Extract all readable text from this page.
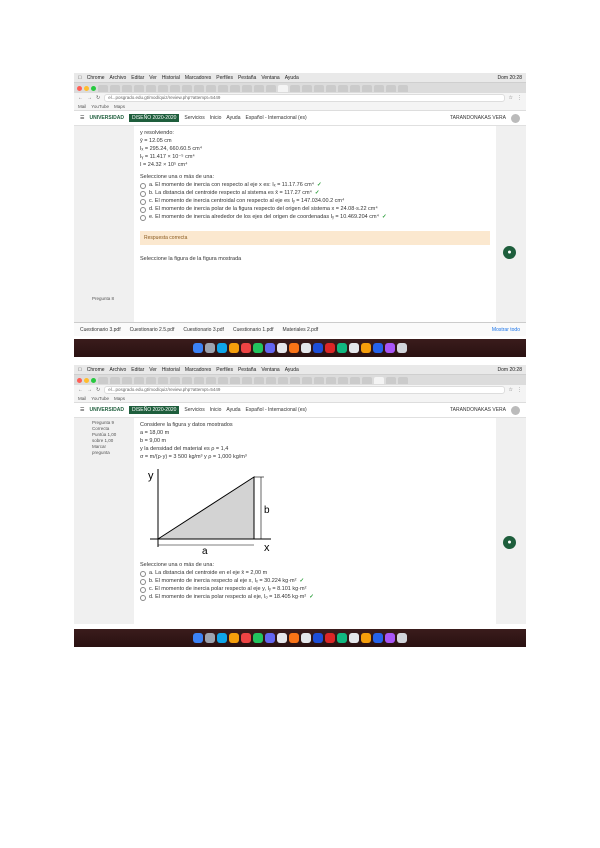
Chrome Archivo Editar Ver Historial Marcadores Perfiles Pestaña Ventana Ayuda	Dom 20:28
← → ↻	el...posgrado.edu.gt/mod/quiz/review.php?attempt=5449	☆ ⋮
Mail YouTube Maps
☰ UNIVERSIDAD	DISEÑO 2020-2020	Servicios Inicio Ayuda Español - Internacional (es)	TARANDONAKAS VERA
y resolviendo:
ȳ = 12.05 cm
Iₓ = 295.24, 660.60.5 cm⁴
Iᵧ = 11.417 × 10⁻⁵ cm⁴
I = 24.32 × 10⁵ cm⁴
Seleccione una o más de una:
a. El momento de inercia con respecto al eje x es: Iₓ = 11.17.76 cm⁴ ✓
b. La distancia del centroide respecto al sistema es x̄ = 117.27 cm⁴ ✓
c. El momento de inercia centroidal con respecto al eje es Iᵧ = 147.034.00.2 cm⁴
d. El momento de inercia polar de la figura respecto del origen del sistema x = 24.08·s.22 cm⁴
e. El momento de inercia alrededor de los ejes del origen de coordenadas Iᵧ = 10.469.204 cm⁴ ✓
Respuesta correcta
Seleccione la figura de la figura mostrada
Pregunta 8
●
Cuestionario 3.pdf Cuestionario 2.5.pdf Cuestionario 3.pdf Cuestionario 1.pdf Materiales 2.pdf	Mostrar todo
Chrome Archivo Editar Ver Historial Marcadores Perfiles Pestaña Ventana Ayuda	Dom 20:28
← → ↻	el...posgrado.edu.gt/mod/quiz/review.php?attempt=5449	☆ ⋮
Mail YouTube Maps
☰ UNIVERSIDAD	DISEÑO 2020-2020	Servicios Inicio Ayuda Español - Internacional (es)	TARANDONAKAS VERA
Pregunta 9
Correcta
Puntúa 1,00
sobre 1,00
Marcar
pregunta
Considere la figura y datos mostrados
a = 18,00 m
b = 9,00 m
y la densidad del material es ρ = 1,4
σ = m/(ρ·y) = 3 500 kg/m³ y ρ = 1,000 kg/m³
y
x
b
a
Seleccione una o más de una:
a. La distancia del centroide en el eje x̄ = 2,00 m
b. El momento de inercia respecto al eje x, Iₓ = 30.224 kg·m² ✓
c. El momento de inercia polar respecto al eje y, Iᵧ = 8.101 kg·m²
d. El momento de inercia polar respecto al eje, Iₒ = 18.405 kg·m² ✓
●
